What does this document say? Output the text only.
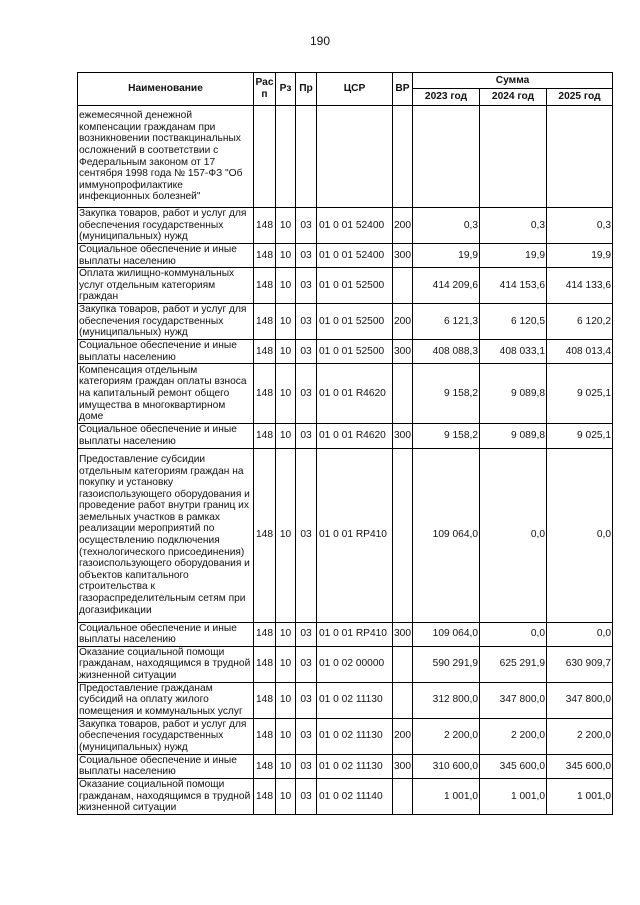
190
Наименование	Рас п	Рз	Пр	ЦСР	ВР	Сумма		
						2023 год	2024 год	2025 год
ежемесячной денежной компенсации гражданам при возникновении поствакцинальных осложнений в соответствии с Федеральным законом от 17 сентября 1998 года № 157-ФЗ "Об иммунопрофилактике инфекционных болезней"								
Закупка товаров, работ и услуг для обеспечения государственных (муниципальных) нужд	148	10	03	01 0 01 52400	200	0,3	0,3	0,3
Социальное обеспечение и иные выплаты населению	148	10	03	01 0 01 52400	300	19,9	19,9	19,9
Оплата жилищно-коммунальных услуг отдельным категориям граждан	148	10	03	01 0 01 52500		414 209,6	414 153,6	414 133,6
Закупка товаров, работ и услуг для обеспечения государственных (муниципальных) нужд	148	10	03	01 0 01 52500	200	6 121,3	6 120,5	6 120,2
Социальное обеспечение и иные выплаты населению	148	10	03	01 0 01 52500	300	408 088,3	408 033,1	408 013,4
Компенсация отдельным категориям граждан оплаты взноса на капитальный ремонт общего имущества в многоквартирном доме	148	10	03	01 0 01 R4620		9 158,2	9 089,8	9 025,1
Социальное обеспечение и иные выплаты населению	148	10	03	01 0 01 R4620	300	9 158,2	9 089,8	9 025,1
Предоставление субсидии отдельным категориям граждан на покупку и установку газоиспользующего оборудования и проведение работ внутри границ их земельных участков в рамках реализации мероприятий по осуществлению подключения (технологического присоединения) газоиспользующего оборудования и объектов капитального строительства к газораспределительным сетям при догазификации	148	10	03	01 0 01 RP410		109 064,0	0,0	0,0
Социальное обеспечение и иные выплаты населению	148	10	03	01 0 01 RP410	300	109 064,0	0,0	0,0
Оказание социальной помощи гражданам, находящимся в трудной жизненной ситуации	148	10	03	01 0 02 00000		590 291,9	625 291,9	630 909,7
Предоставление гражданам субсидий на оплату жилого помещения и коммунальных услуг	148	10	03	01 0 02 11130		312 800,0	347 800,0	347 800,0
Закупка товаров, работ и услуг для обеспечения государственных (муниципальных) нужд	148	10	03	01 0 02 11130	200	2 200,0	2 200,0	2 200,0
Социальное обеспечение и иные выплаты населению	148	10	03	01 0 02 11130	300	310 600,0	345 600,0	345 600,0
Оказание социальной помощи гражданам, находящимся в трудной жизненной ситуации	148	10	03	01 0 02 11140		1 001,0	1 001,0	1 001,0
